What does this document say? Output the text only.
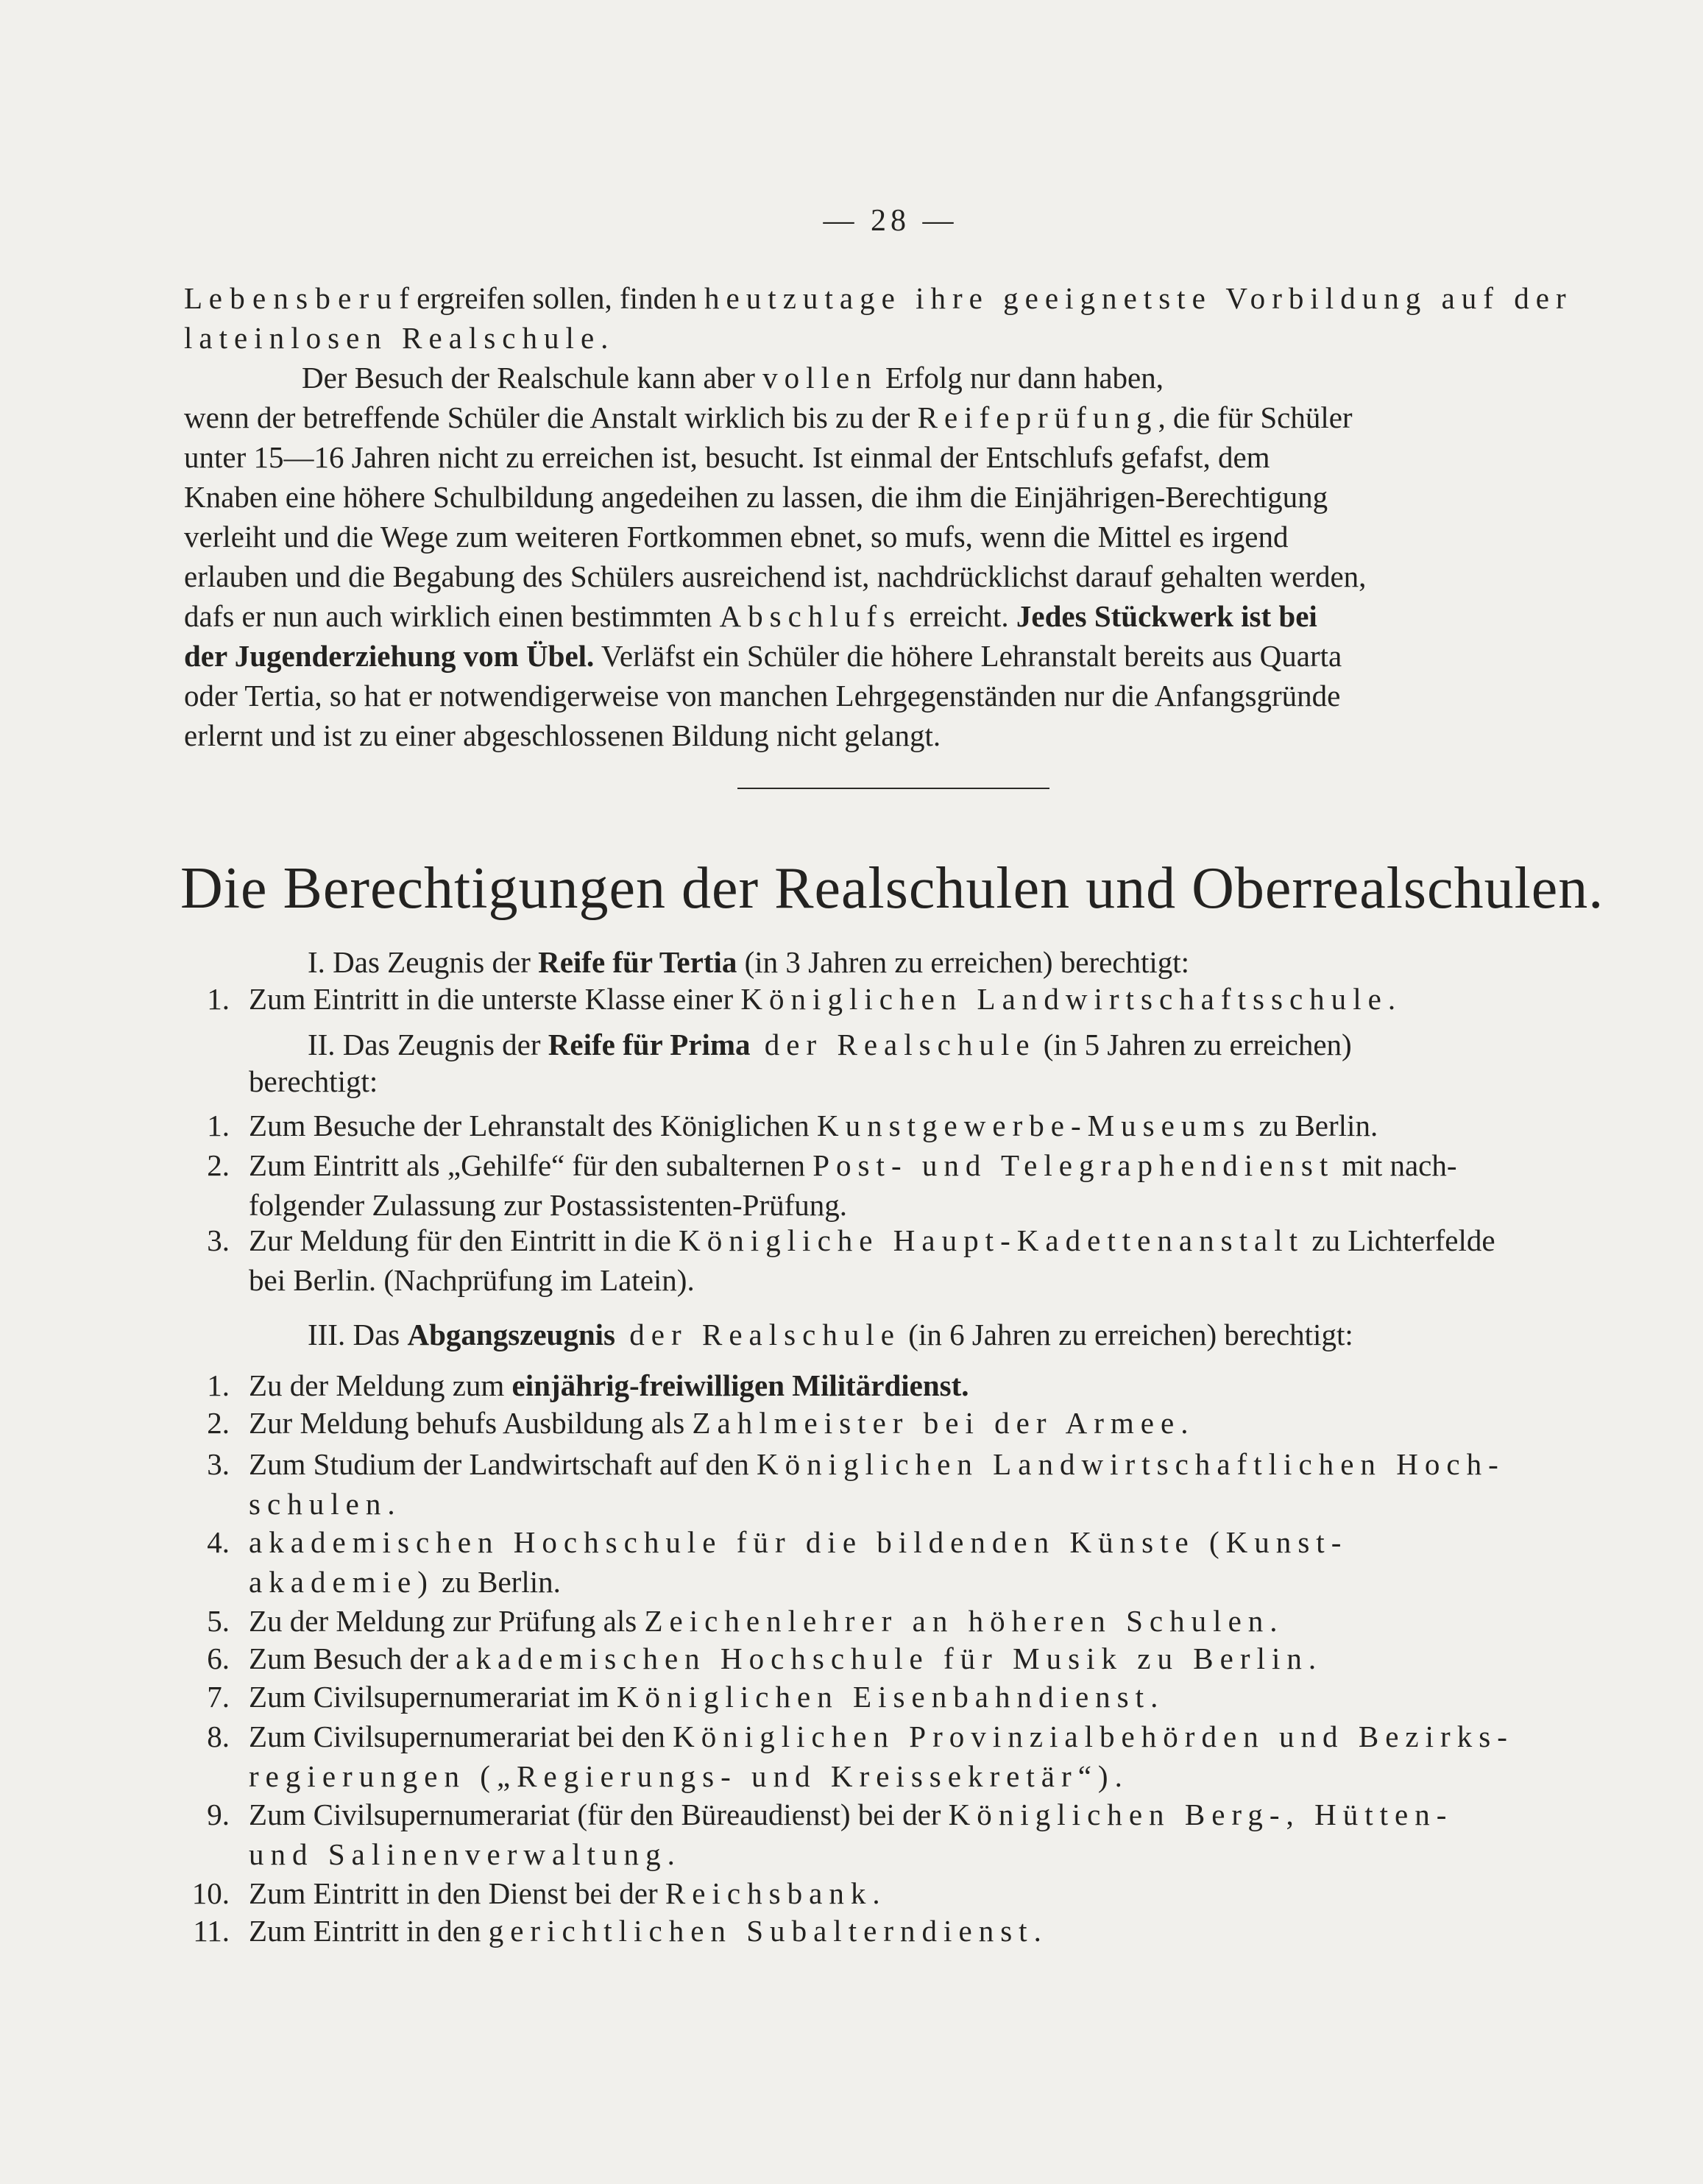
— 28 —
L e b e n s b e r u f ergreifen sollen, finden heutzutage ihre geeignetste Vorbildung auf der
lateinlosen Realschule.
Der Besuch der Realschule kann aber vollen Erfolg nur dann haben,
wenn der betreffende Schüler die Anstalt wirklich bis zu der Reifeprüfung, die für Schüler
unter 15—16 Jahren nicht zu erreichen ist, besucht. Ist einmal der Entschlufs gefafst, dem
Knaben eine höhere Schulbildung angedeihen zu lassen, die ihm die Einjährigen-Berechtigung
verleiht und die Wege zum weiteren Fortkommen ebnet, so mufs, wenn die Mittel es irgend
erlauben und die Begabung des Schülers ausreichend ist, nachdrücklichst darauf gehalten werden,
dafs er nun auch wirklich einen bestimmten Abschlufs erreicht. Jedes Stückwerk ist bei
der Jugenderziehung vom Übel. Verläfst ein Schüler die höhere Lehranstalt bereits aus Quarta
oder Tertia, so hat er notwendigerweise von manchen Lehrgegenständen nur die Anfangsgründe
erlernt und ist zu einer abgeschlossenen Bildung nicht gelangt.
Die Berechtigungen der Realschulen und Oberrealschulen.
I. Das Zeugnis der Reife für Tertia (in 3 Jahren zu erreichen) berechtigt:
1. Zum Eintritt in die unterste Klasse einer Königlichen Landwirtschaftsschule.
II. Das Zeugnis der Reife für Prima der Realschule (in 5 Jahren zu erreichen)
berechtigt:
1. Zum Besuche der Lehranstalt des Königlichen Kunstgewerbe-Museums zu Berlin.
2. Zum Eintritt als „Gehilfe“ für den subalternen Post- und Telegraphendienst mit nach-
folgender Zulassung zur Postassistenten-Prüfung.
3. Zur Meldung für den Eintritt in die Königliche Haupt-Kadettenanstalt zu Lichterfelde
bei Berlin. (Nachprüfung im Latein).
III. Das Abgangszeugnis der Realschule (in 6 Jahren zu erreichen) berechtigt:
1. Zu der Meldung zum einjährig-freiwilligen Militärdienst.
2. Zur Meldung behufs Ausbildung als Zahlmeister bei der Armee.
3. Zum Studium der Landwirtschaft auf den Königlichen Landwirtschaftlichen Hoch-
schulen.
4. akademischen Hochschule für die bildenden Künste (Kunst-
akademie) zu Berlin.
5. Zu der Meldung zur Prüfung als Zeichenlehrer an höheren Schulen.
6. Zum Besuch der akademischen Hochschule für Musik zu Berlin.
7. Zum Civilsupernumerariat im Königlichen Eisenbahndienst.
8. Zum Civilsupernumerariat bei den Königlichen Provinzialbehörden und Bezirks-
regierungen („Regierungs- und Kreissekretär“).
9. Zum Civilsupernumerariat (für den Büreaudienst) bei der Königlichen Berg-, Hütten-
und Salinenverwaltung.
10. Zum Eintritt in den Dienst bei der Reichsbank.
11. Zum Eintritt in den gerichtlichen Subalterndienst.
